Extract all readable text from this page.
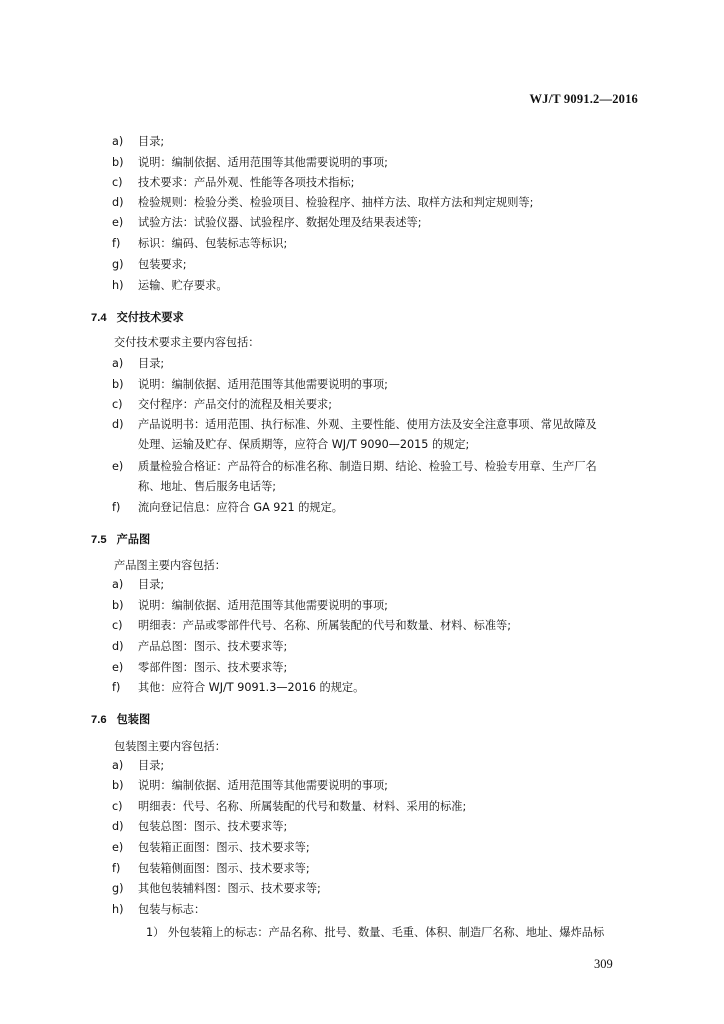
WJ/T 9091.2—2016
a) 目录;
b) 说明：编制依据、适用范围等其他需要说明的事项;
c) 技术要求：产品外观、性能等各项技术指标;
d) 检验规则：检验分类、检验项目、检验程序、抽样方法、取样方法和判定规则等;
e) 试验方法：试验仪器、试验程序、数据处理及结果表述等;
f) 标识：编码、包装标志等标识;
g) 包装要求;
h) 运输、贮存要求。
7.4 交付技术要求
交付技术要求主要内容包括：
a) 目录;
b) 说明：编制依据、适用范围等其他需要说明的事项;
c) 交付程序：产品交付的流程及相关要求;
d) 产品说明书：适用范围、执行标准、外观、主要性能、使用方法及安全注意事项、常见故障及
处理、运输及贮存、保质期等，应符合 WJ/T 9090—2015 的规定;
e) 质量检验合格证：产品符合的标准名称、制造日期、结论、检验工号、检验专用章、生产厂名
称、地址、售后服务电话等;
f) 流向登记信息：应符合 GA 921 的规定。
7.5 产品图
产品图主要内容包括：
a) 目录;
b) 说明：编制依据、适用范围等其他需要说明的事项;
c) 明细表：产品或零部件代号、名称、所属装配的代号和数量、材料、标准等;
d) 产品总图：图示、技术要求等;
e) 零部件图：图示、技术要求等;
f) 其他：应符合 WJ/T 9091.3—2016 的规定。
7.6 包装图
包装图主要内容包括：
a) 目录;
b) 说明：编制依据、适用范围等其他需要说明的事项;
c) 明细表：代号、名称、所属装配的代号和数量、材料、采用的标准;
d) 包装总图：图示、技术要求等;
e) 包装箱正面图：图示、技术要求等;
f) 包装箱侧面图：图示、技术要求等;
g) 其他包装辅料图：图示、技术要求等;
h) 包装与标志：
1） 外包装箱上的标志：产品名称、批号、数量、毛重、体积、制造厂名称、地址、爆炸品标
309
